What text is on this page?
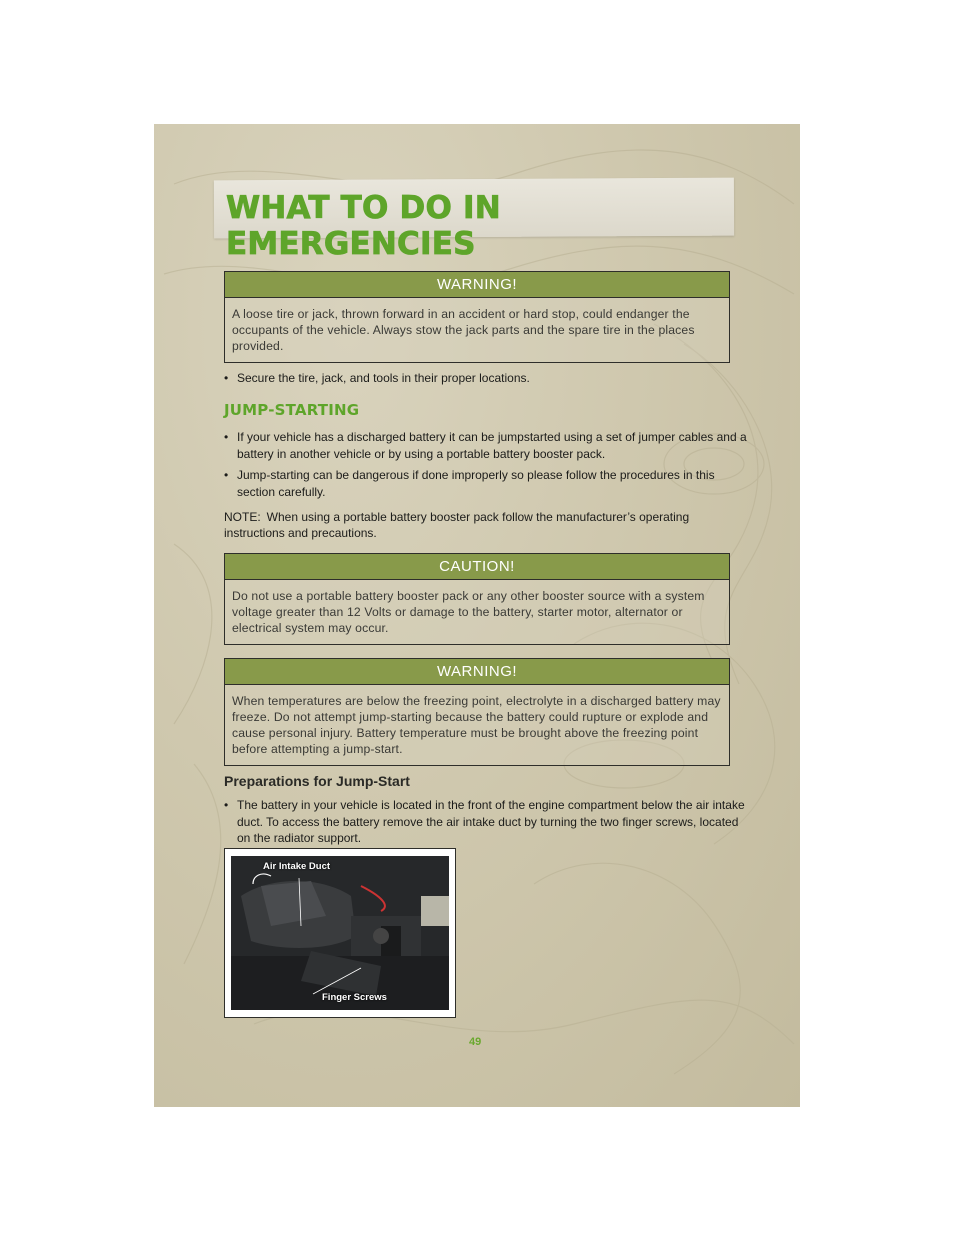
WHAT TO DO IN EMERGENCIES
WARNING!
A loose tire or jack, thrown forward in an accident or hard stop, could endanger the occupants of the vehicle. Always stow the jack parts and the spare tire in the places provided.
• Secure the tire, jack, and tools in their proper locations.
JUMP-STARTING
• If your vehicle has a discharged battery it can be jumpstarted using a set of jumper cables and a battery in another vehicle or by using a portable battery booster pack.
• Jump-starting can be dangerous if done improperly so please follow the procedures in this section carefully.
NOTE: When using a portable battery booster pack follow the manufacturer’s operating instructions and precautions.
CAUTION!
Do not use a portable battery booster pack or any other booster source with a system voltage greater than 12 Volts or damage to the battery, starter motor, alternator or electrical system may occur.
WARNING!
When temperatures are below the freezing point, electrolyte in a discharged battery may freeze. Do not attempt jump-starting because the battery could rupture or explode and cause personal injury. Battery temperature must be brought above the freezing point before attempting a jump-start.
Preparations for Jump-Start
• The battery in your vehicle is located in the front of the engine compartment below the air intake duct. To access the battery remove the air intake duct by turning the two finger screws, located on the radiator support.
Air Intake Duct
Finger Screws
49
